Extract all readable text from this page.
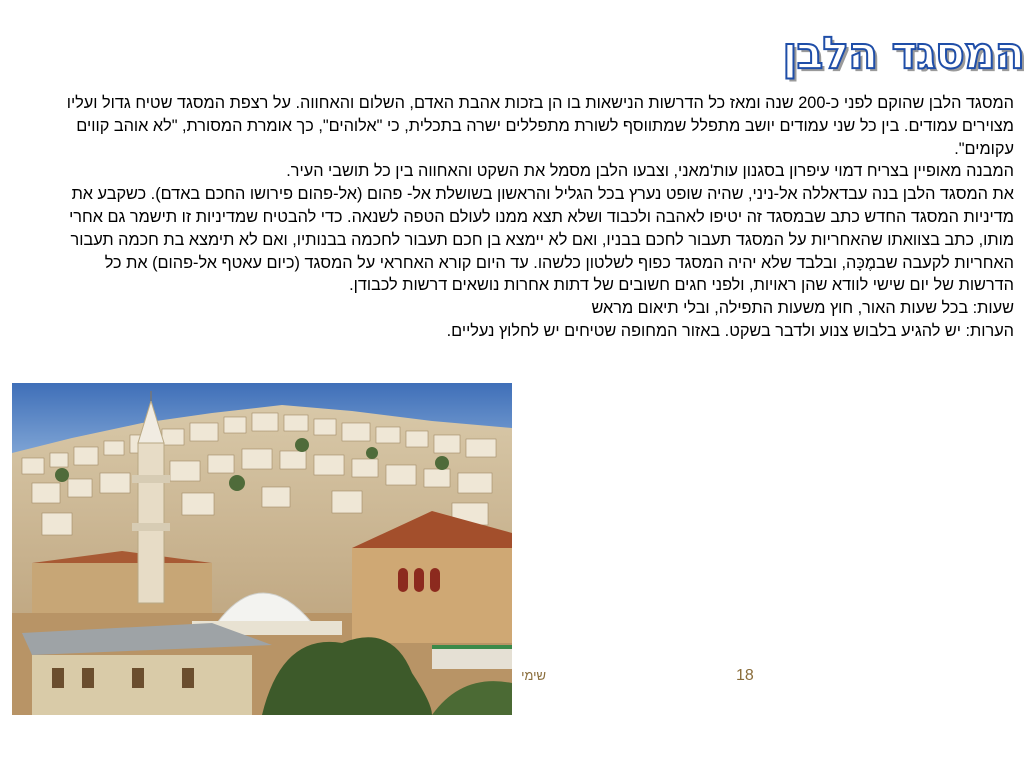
המסגד הלבן

המסגד הלבן שהוקם לפני כ-200 שנה ומאז כל הדרשות הנישאות בו הן בזכות אהבת האדם, השלום והאחווה. על רצפת המסגד שטיח גדול ועליו מצוירים עמודים. בין כל שני עמודים יושב מתפלל שמתווסף לשורת מתפללים ישרה בתכלית, כי "אלוהים", כך אומרת המסורת, "לא אוהב קווים עקומים".

המבנה מאופיין בצריח דמוי עיפרון בסגנון עות'מאני, וצבעו הלבן מסמל את השקט והאחווה בין כל תושבי העיר.

את המסגד הלבן בנה עבדאללה אל-ניני, שהיה שופט נערץ בכל הגליל והראשון בשושלת אל- פהום (אל-פהום פירושו החכם באדם). כשקבע את מדיניות המסגד החדש כתב שבמסגד זה יטיפו לאהבה ולכבוד ושלא תצא ממנו לעולם הטפה לשנאה. כדי להבטיח שמדיניות זו תישמר גם אחרי מותו, כתב בצוואתו שהאחריות על המסגד תעבור לחכם בבניו, ואם לא יימצא בן חכם תעבור לחכמה בבנותיו, ואם לא תימצא בת חכמה תעבור האחריות לקעבה שבמֶכָּה, ובלבד שלא יהיה המסגד כפוף לשלטון כלשהו. עד היום קורא האחראי על המסגד (כיום עאטף אל-פהום) את כל הדרשות של יום שישי לוודא שהן ראויות, ולפני חגים חשובים של דתות אחרות נושאים דרשות לכבודן.

שעות: בכל שעות האור, חוץ משעות התפילה, ובלי תיאום מראש

הערות: יש להגיע בלבוש צנוע ולדבר בשקט. באזור המחופה שטיחים יש לחלוץ נעליים.

שימי	18
